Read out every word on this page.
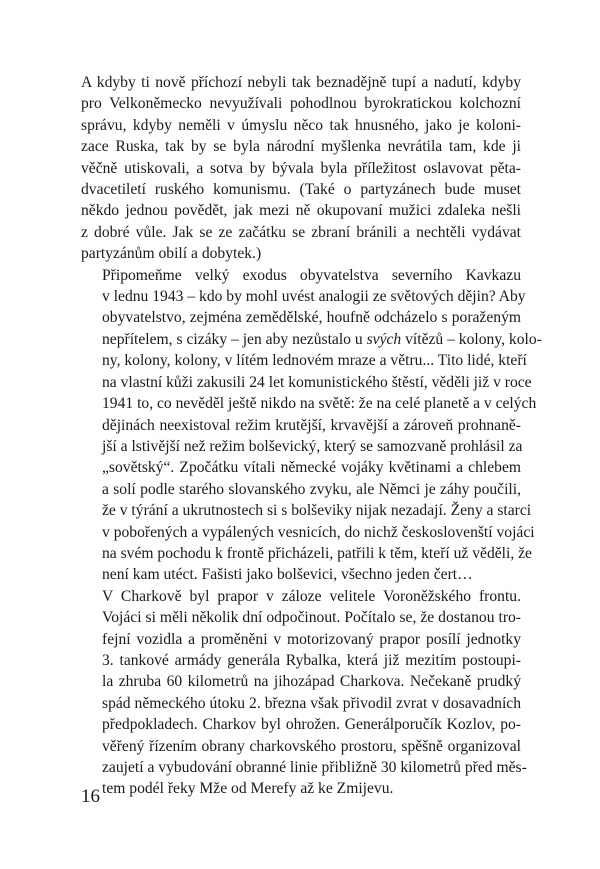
A kdyby ti nově příchozí nebyli tak beznadějně tupí a nadutí, kdyby
pro Velkoněmecko nevyužívali pohodlnou byrokratickou kolchozní
správu, kdyby neměli v úmyslu něco tak hnusného, jako je koloni-
zace Ruska, tak by se byla národní myšlenka nevrátila tam, kde ji
věčně utiskovali, a sotva by bývala byla příležitost oslavovat pěta-
dvacetiletí ruského komunismu. (Také o partyzánech bude muset
někdo jednou povědět, jak mezi ně okupovaní mužici zdaleka nešli
z dobré vůle. Jak se ze začátku se zbraní bránili a nechtěli vydávat
partyzánům obilí a dobytek.)

Připomeňme velký exodus obyvatelstva severního Kavkazu
v lednu 1943 – kdo by mohl uvést analogii ze světových dějin? Aby
obyvatelstvo, zejména zemědělské, houfně odcházelo s poraženým
nepřítelem, s cizáky – jen aby nezůstalo u svých vítězů – kolony, kolo-
ny, kolony, kolony, v lítém lednovém mraze a větru... Tito lidé, kteří
na vlastní kůži zakusili 24 let komunistického štěstí, věděli již v roce
1941 to, co nevěděl ještě nikdo na světě: že na celé planetě a v celých
dějinách neexistoval režim krutější, krvavější a zároveň prohnaně-
jší a lstivější než režim bolševický, který se samozvaně prohlásil za
„sovětský“. Zpočátku vítali německé vojáky květinami a chlebem
a solí podle starého slovanského zvyku, ale Němci je záhy poučili,
že v týrání a ukrutnostech si s bolševiky nijak nezadají. Ženy a starci
v pobořených a vypálených vesnicích, do nichž českoslovenští vojáci
na svém pochodu k frontě přicházeli, patřili k těm, kteří už věděli, že
není kam utéct. Fašisti jako bolševici, všechno jeden čert…

V Charkově byl prapor v záloze velitele Voroněžského frontu.
Vojáci si měli několik dní odpočinout. Počítalo se, že dostanou tro-
fejní vozidla a proměněni v motorizovaný prapor posílí jednotky
3. tankové armády generála Rybalka, která již mezitím postoupi-
la zhruba 60 kilometrů na jihozápad Charkova. Nečekaně prudký
spád německého útoku 2. března však přivodil zvrat v dosavadních
předpokladech. Charkov byl ohrožen. Generálporučík Kozlov, po-
věřený řízením obrany charkovského prostoru, spěšně organizoval
zaujetí a vybudování obranné linie přibližně 30 kilometrů před měs-
tem podél řeky Mže od Merefy až ke Zmijevu.

16
